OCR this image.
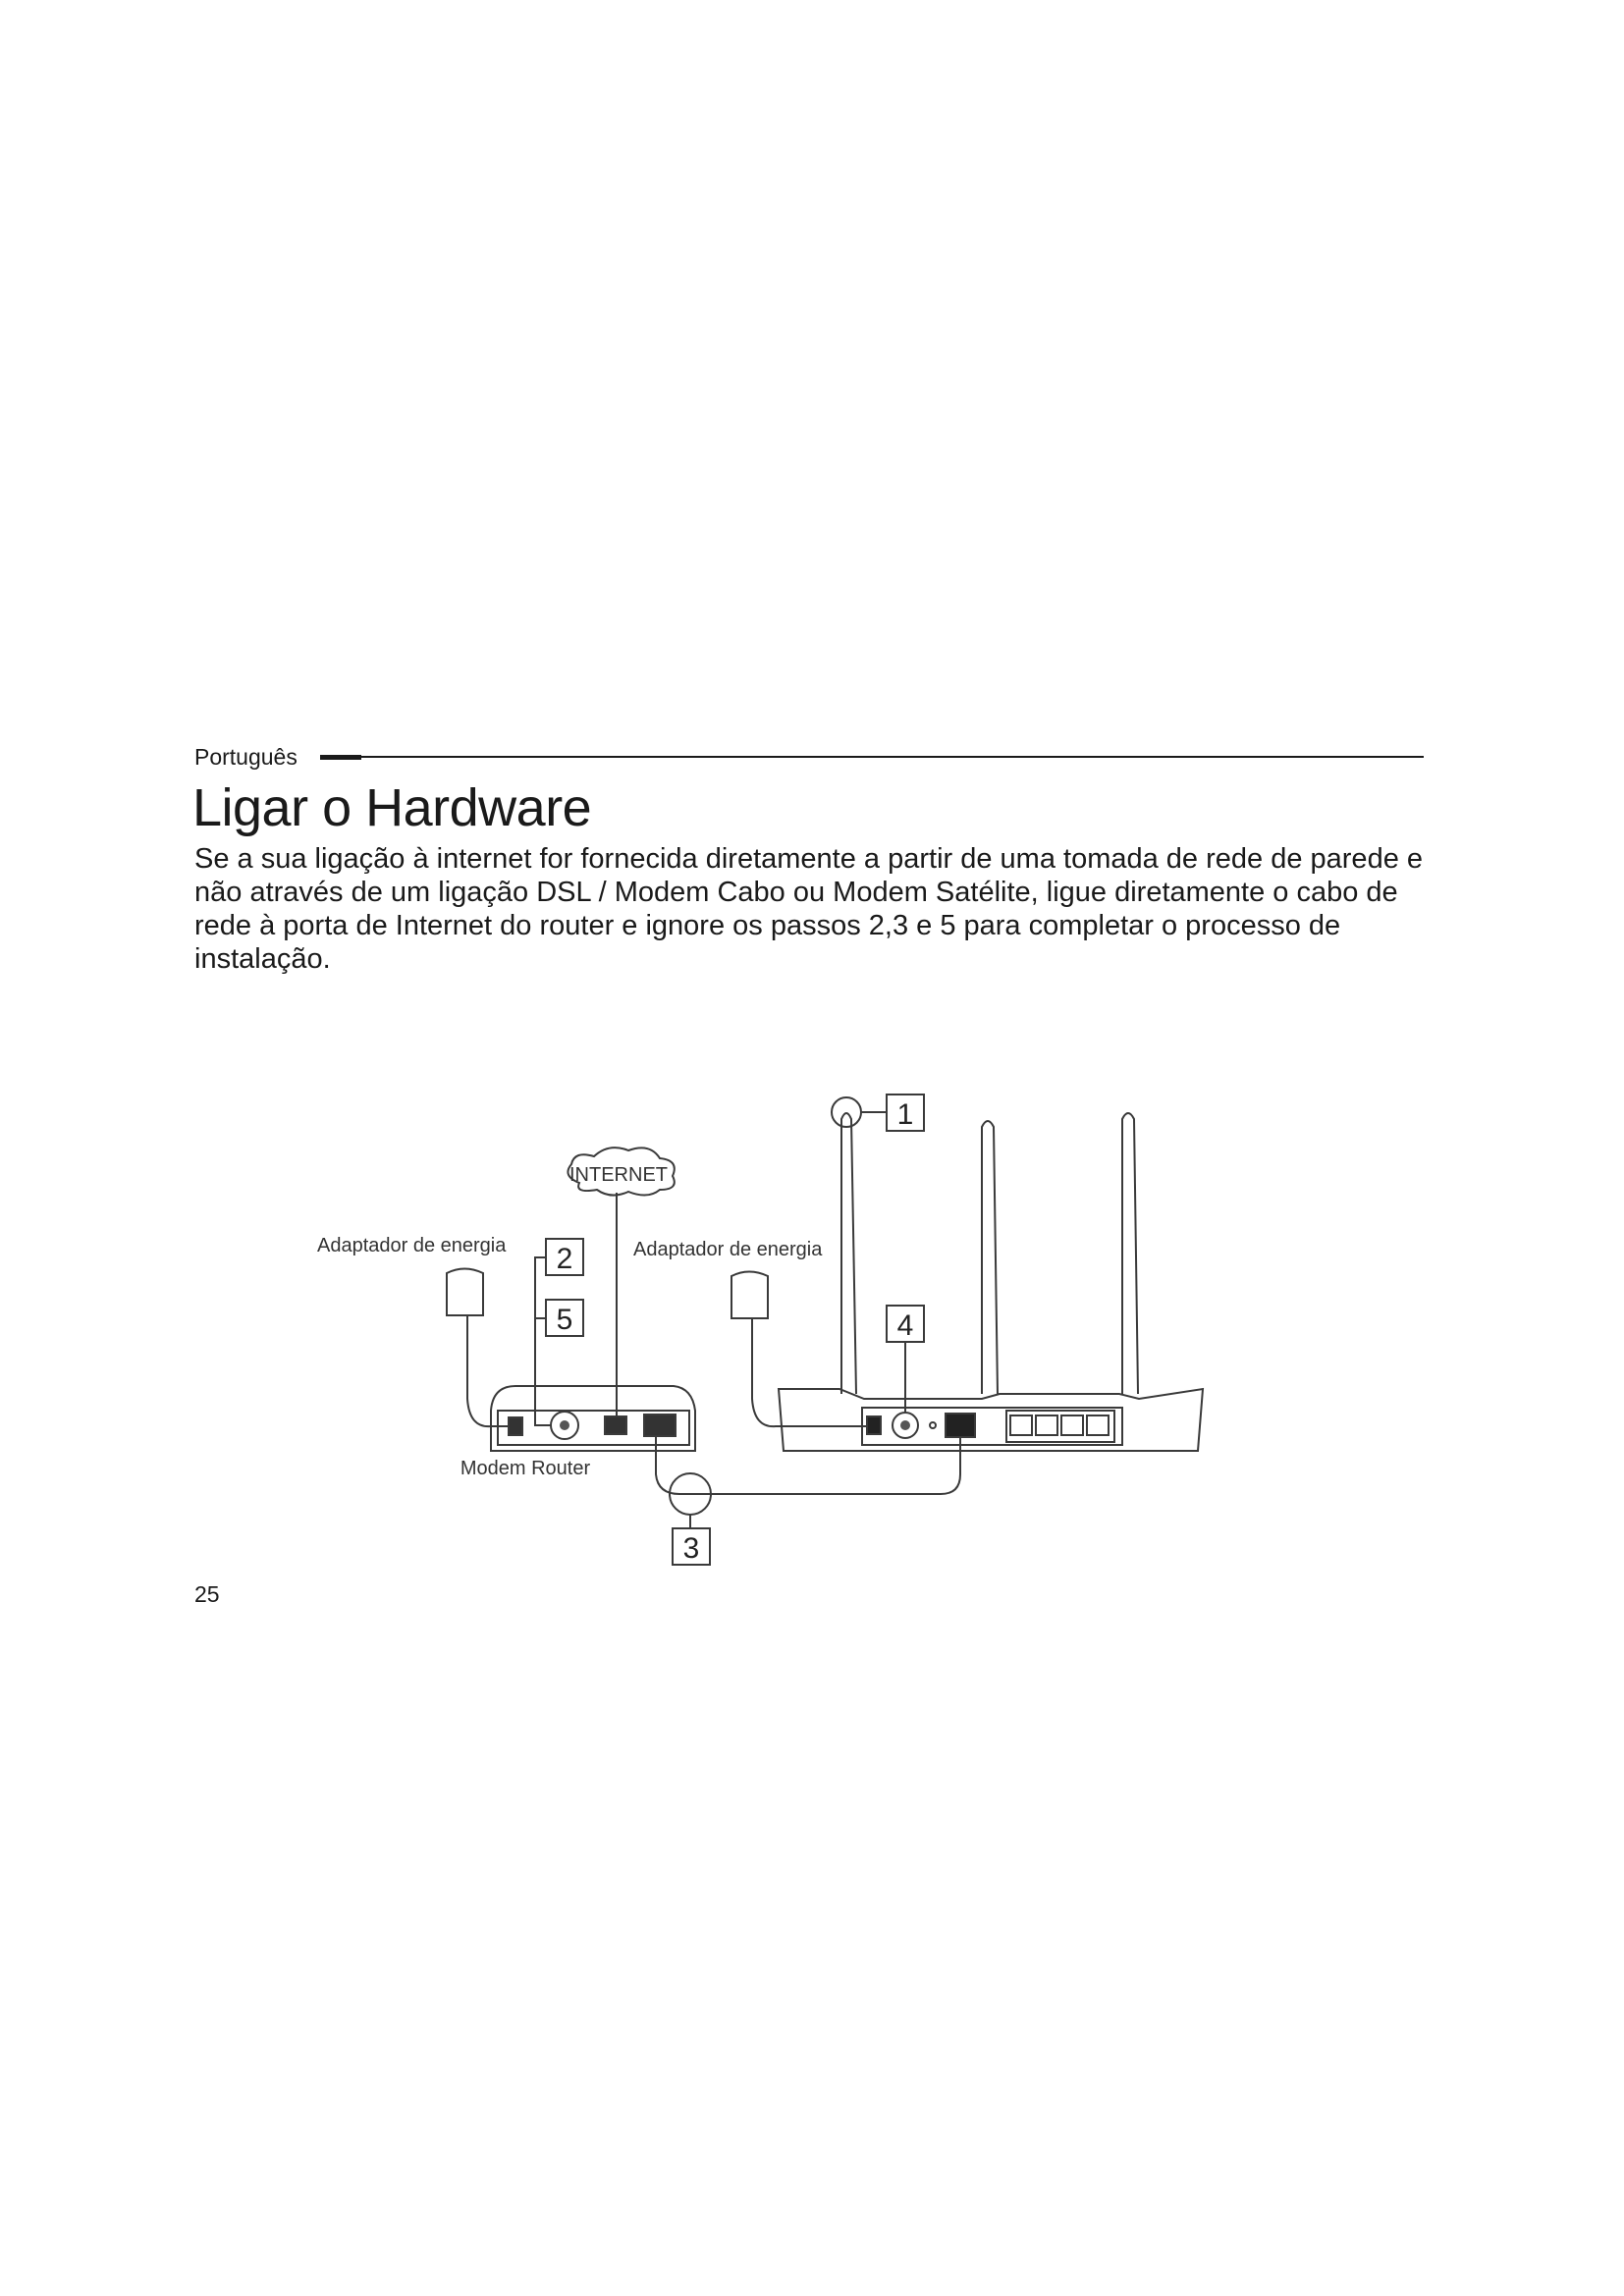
Português
Ligar o Hardware

Se a sua ligação à internet for fornecida diretamente a partir de uma tomada de rede de parede e não através de um ligação DSL / Modem Cabo ou Modem Satélite, ligue diretamente o cabo de rede à porta de Internet do router e ignore os passos 2,3 e 5 para completar o processo de instalação.

INTERNET
Adaptador de energia	Adaptador de energia
Modem Router
1
2
3
4
5
25
